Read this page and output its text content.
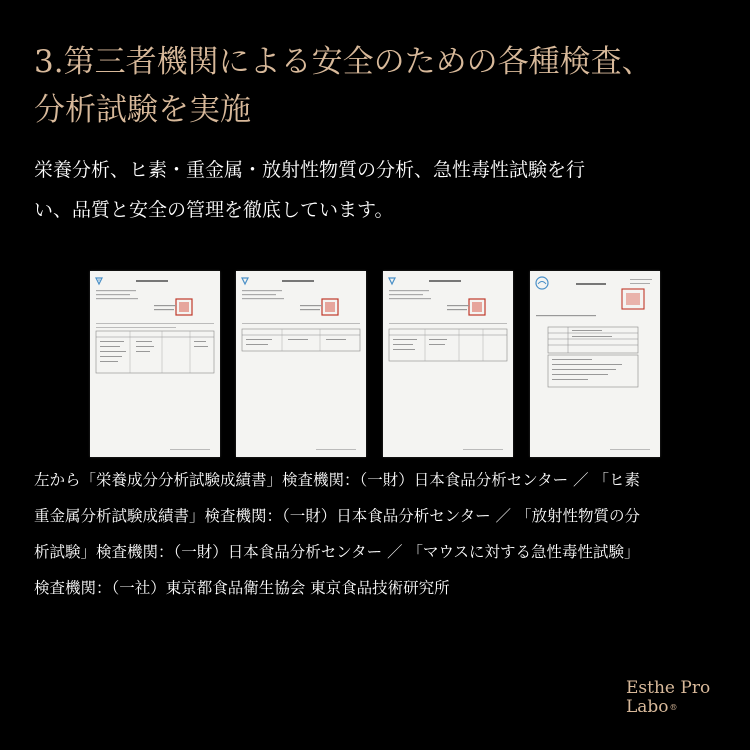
3.第三者機関による安全のための各種検査、
分析試験を実施

栄養分析、ヒ素・重金属・放射性物質の分析、急性毒性試験を行
い、品質と安全の管理を徹底しています。

左から「栄養成分分析試験成績書」検査機関：（一財）日本食品分析センター ／ 「ヒ素
重金属分析試験成績書」検査機関：（一財）日本食品分析センター ／ 「放射性物質の分
析試験」検査機関：（一財）日本食品分析センター ／ 「マウスに対する急性毒性試験」
検査機関：（一社）東京都食品衛生協会 東京食品技術研究所

Esthe Pro
Labo®
